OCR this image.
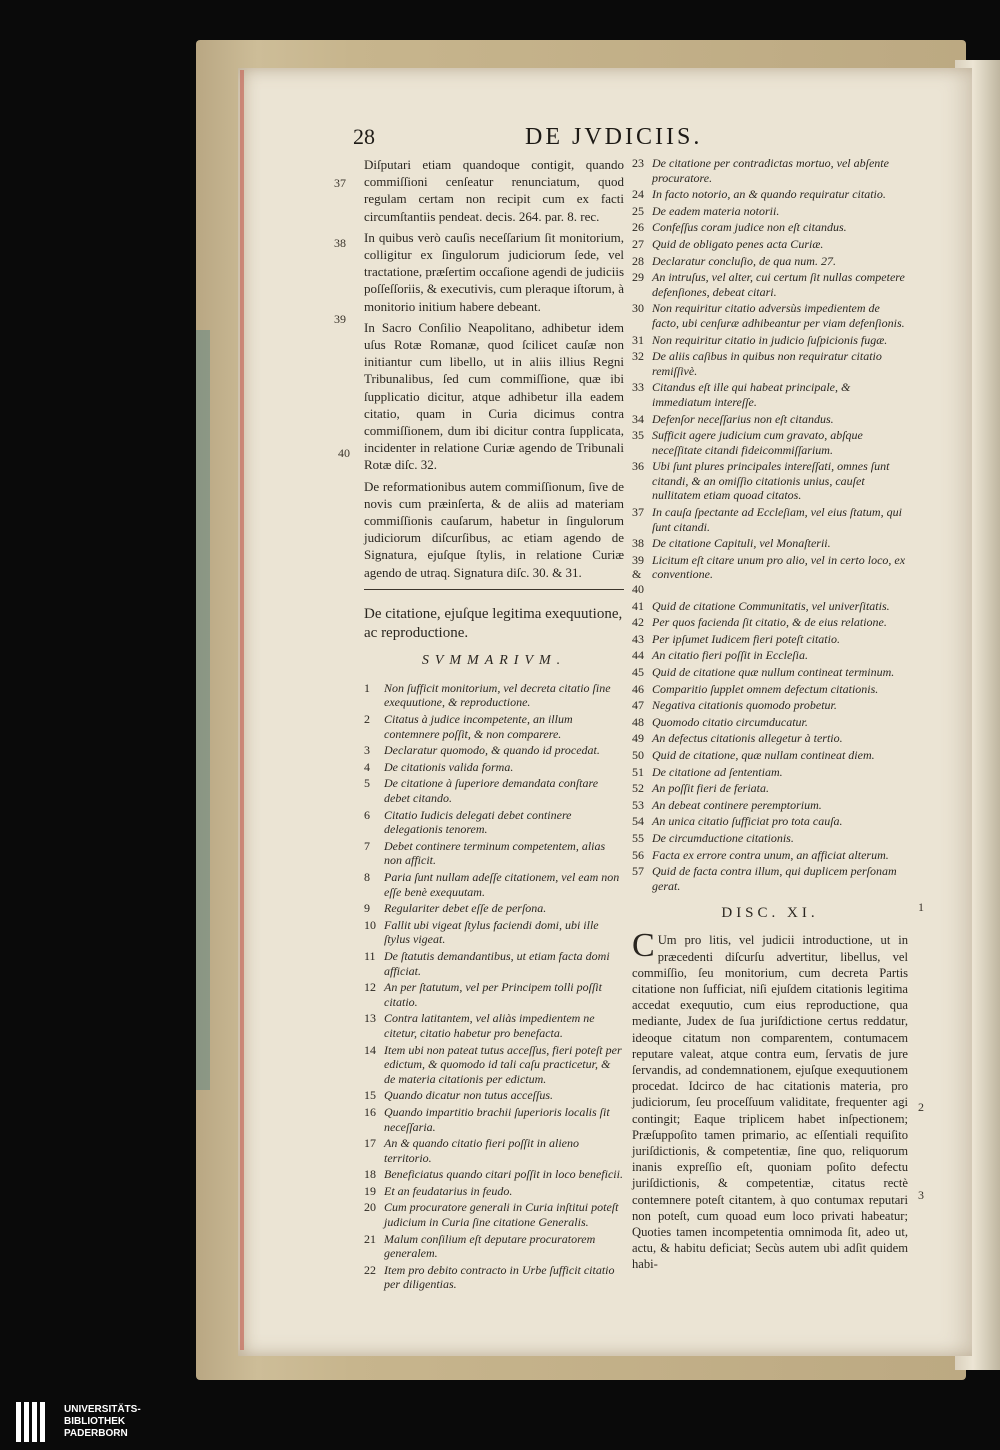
28	DE JVDICIIS.
37
38
39
40

Diſputari etiam quandoque contigit, quando commiſſioni cenſeatur renunciatum, quod regulam certam non recipit cum ex facti circumſtantiis pendeat. decis. 264. par. 8. rec.

In quibus verò cauſis neceſſarium ſit monitorium, colligitur ex ſingulorum judiciorum ſede, vel tractatione, præſertim occaſione agendi de judiciis poſſeſſoriis, & executivis, cum pleraque iſtorum, à monitorio initium habere debeant.

In Sacro Conſilio Neapolitano, adhibetur idem uſus Rotæ Romanæ, quod ſcilicet cauſæ non initiantur cum libello, ut in aliis illius Regni Tribunalibus, ſed cum commiſſione, quæ ibi ſupplicatio dicitur, atque adhibetur illa eadem citatio, quam in Curia dicimus contra commiſſionem, dum ibi dicitur contra ſupplicata, incidenter in relatione Curiæ agendo de Tribunali Rotæ diſc. 32.

De reformationibus autem commiſſionum, ſive de novis cum præinſerta, & de aliis ad materiam commiſſionis cauſarum, habetur in ſingulorum judiciorum diſcurſibus, ac etiam agendo de Signatura, ejuſque ſtylis, in relatione Curiæ agendo de utraq. Signatura diſc. 30. & 31.

De citatione, ejuſque legitima exequutione, ac reproductione.
SVMMARIVM.
1	Non ſufficit monitorium, vel decreta citatio ſine exequutione, & reproductione.
2	Citatus à judice incompetente, an illum contemnere poſſit, & non comparere.
3	Declaratur quomodo, & quando id procedat.
4	De citationis valida forma.
5	De citatione à ſuperiore demandata conſtare debet citando.
6	Citatio Iudicis delegati debet continere delegationis tenorem.
7	Debet continere terminum competentem, alias non afficit.
8	Paria ſunt nullam adeſſe citationem, vel eam non eſſe benè exequutam.
9	Regulariter debet eſſe de perſona.
10 Fallit ubi vigeat ſtylus faciendi domi, ubi ille ſtylus vigeat.
11 De ſtatutis demandantibus, ut etiam facta domi afficiat.
12 An per ſtatutum, vel per Principem tolli poſſit citatio.
13 Contra latitantem, vel aliàs impedientem ne citetur, citatio habetur pro benefacta.
14 Item ubi non pateat tutus acceſſus, fieri poteſt per edictum, & quomodo id tali caſu practicetur, & de materia citationis per edictum.
15 Quando dicatur non tutus acceſſus.
16 Quando impartitio brachii ſuperioris localis ſit neceſſaria.
17 An & quando citatio fieri poſſit in alieno territorio.
18 Beneficiatus quando citari poſſit in loco beneficii.
19 Et an feudatarius in feudo.
20 Cum procuratore generali in Curia inſtitui poteſt judicium in Curia ſine citatione Generalis.
21 Malum conſilium eſt deputare procuratorem generalem.
22 Item pro debito contracto in Urbe ſufficit citatio per diligentias.
23 De citatione per contradictas mortuo, vel abſente procuratore.
24 In facto notorio, an & quando requiratur citatio.
25 De eadem materia notorii.
26 Confeſſus coram judice non eſt citandus.
27 Quid de obligato penes acta Curiæ.
28 Declaratur concluſio, de qua num. 27.
29 An intruſus, vel alter, cui certum ſit nullas competere defenſiones, debeat citari.
30 Non requiritur citatio adversùs impedientem de facto, ubi cenſuræ adhibeantur per viam defenſionis.
31 Non requiritur citatio in judicio ſuſpicionis fugæ.
32 De aliis caſibus in quibus non requiratur citatio remiſſivè.
33 Citandus eſt ille qui habeat principale, & immediatum intereſſe.
34 Defenſor neceſſarius non eſt citandus.
35 Sufficit agere judicium cum gravato, abſque neceſſitate citandi fideicommiſſarium.
36 Ubi ſunt plures principales intereſſati, omnes ſunt citandi, & an omiſſio citationis unius, cauſet nullitatem etiam quoad citatos.
37 In cauſa ſpectante ad Eccleſiam, vel eius ſtatum, qui ſunt citandi.
38 De citatione Capituli, vel Monaſterii.
39 & 40
Licitum eſt citare unum pro alio, vel in certo loco, ex conventione.
41 Quid de citatione Communitatis, vel univerſitatis.
42 Per quos facienda ſit citatio, & de eius relatione.
43 Per ipſumet Iudicem fieri poteſt citatio.
44 An citatio fieri poſſit in Eccleſia.
45 Quid de citatione quæ nullum contineat terminum.
46 Comparitio ſupplet omnem defectum citationis.
47 Negativa citationis quomodo probetur.
48 Quomodo citatio circumducatur.
49 An defectus citationis allegetur à tertio.
50 Quid de citatione, quæ nullam contineat diem.
51 De citatione ad ſententiam.
52 An poſſit fieri de feriata.
53 An debeat continere peremptorium.
54 An unica citatio ſufficiat pro tota cauſa.
55 De circumductione citationis.
56 Facta ex errore contra unum, an afficiat alterum.
57 Quid de facta contra illum, qui duplicem perſonam gerat.
DISC. XI.
C Um pro litis, vel judicii introductione, ut in præcedenti diſcurſu advertitur, libellus, vel commiſſio, ſeu monitorium, cum decreta Partis citatione non ſufficiat, niſi ejuſdem citationis legitima accedat exequutio, cum eius reproductione, qua mediante, Judex de ſua juriſdictione certus reddatur, ideoque citatum non comparentem, contumacem reputare valeat, atque contra eum, ſervatis de jure ſervandis, ad condemnationem, ejuſque exequutionem procedat. Idcirco de hac citationis materia, pro judiciorum, ſeu proceſſuum validitate, frequenter agi contingit; Eaque triplicem habet inſpectionem; Præſuppoſito tamen primario, ac eſſentiali requiſito juriſdictionis, & competentiæ, ſine quo, reliquorum inanis expreſſio eſt, quoniam poſito defectu juriſdictionis, & competentiæ, citatus rectè contemnere poteſt citantem, à quo contumax reputari non poteſt, cum quoad eum loco privati habeatur; Quoties tamen incompetentia omnimoda ſit, adeo ut, actu, & habitu deficiat; Secùs autem ubi adſit quidem habi-
1
2
3
UNIVERSITÄTS-
BIBLIOTHEK
PADERBORN
